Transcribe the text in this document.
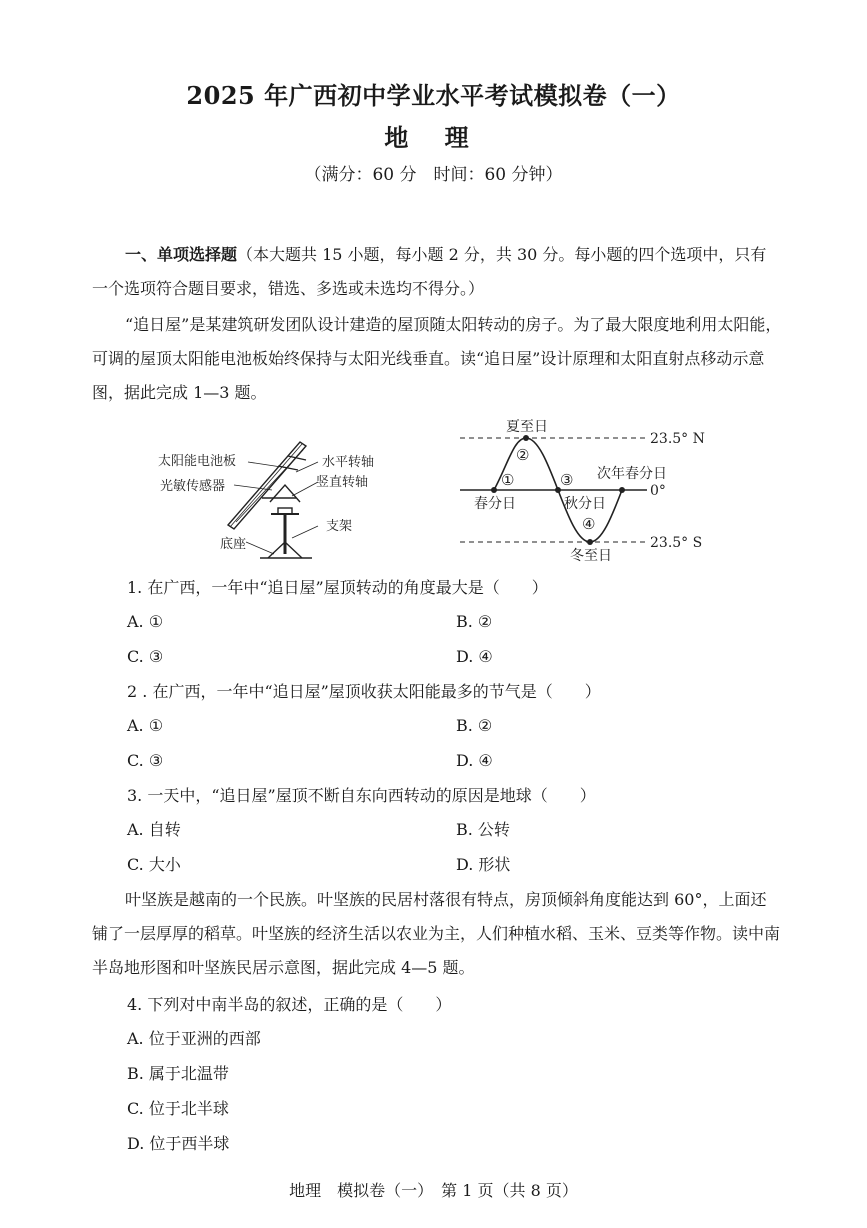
2025 年广西初中学业水平考试模拟卷（一）
地 理
（满分：60 分　时间：60 分钟）
一、单项选择题（本大题共 15 小题，每小题 2 分，共 30 分。每小题的四个选项中，只有一个选项符合题目要求，错选、多选或未选均不得分。）
“追日屋”是某建筑研发团队设计建造的屋顶随太阳转动的房子。为了最大限度地利用太阳能，可调的屋顶太阳能电池板始终保持与太阳光线垂直。读“追日屋”设计原理和太阳直射点移动示意图，据此完成 1—3 题。
太阳能电池板
光敏传感器
底座
水平转轴
竖直转轴
支架
夏至日
②
①	③
④
春分日	秋分日
次年春分日
冬至日
23.5° N
0°
23.5° S
1. 在广西，一年中“追日屋”屋顶转动的角度最大是（　　）
A. ①	B. ②
C. ③	D. ④
2 . 在广西，一年中“追日屋”屋顶收获太阳能最多的节气是（　　）
A. ①	B. ②
C. ③	D. ④
3. 一天中，“追日屋”屋顶不断自东向西转动的原因是地球（　　）
A. 自转	B. 公转
C. 大小	D. 形状
叶坚族是越南的一个民族。叶坚族的民居村落很有特点，房顶倾斜角度能达到 60°，上面还铺了一层厚厚的稻草。叶坚族的经济生活以农业为主，人们种植水稻、玉米、豆类等作物。读中南半岛地形图和叶坚族民居示意图，据此完成 4—5 题。
4. 下列对中南半岛的叙述，正确的是（　　）
A. 位于亚洲的西部
B. 属于北温带
C. 位于北半球
D. 位于西半球
地理　模拟卷（一）　第 1 页（共 8 页）
